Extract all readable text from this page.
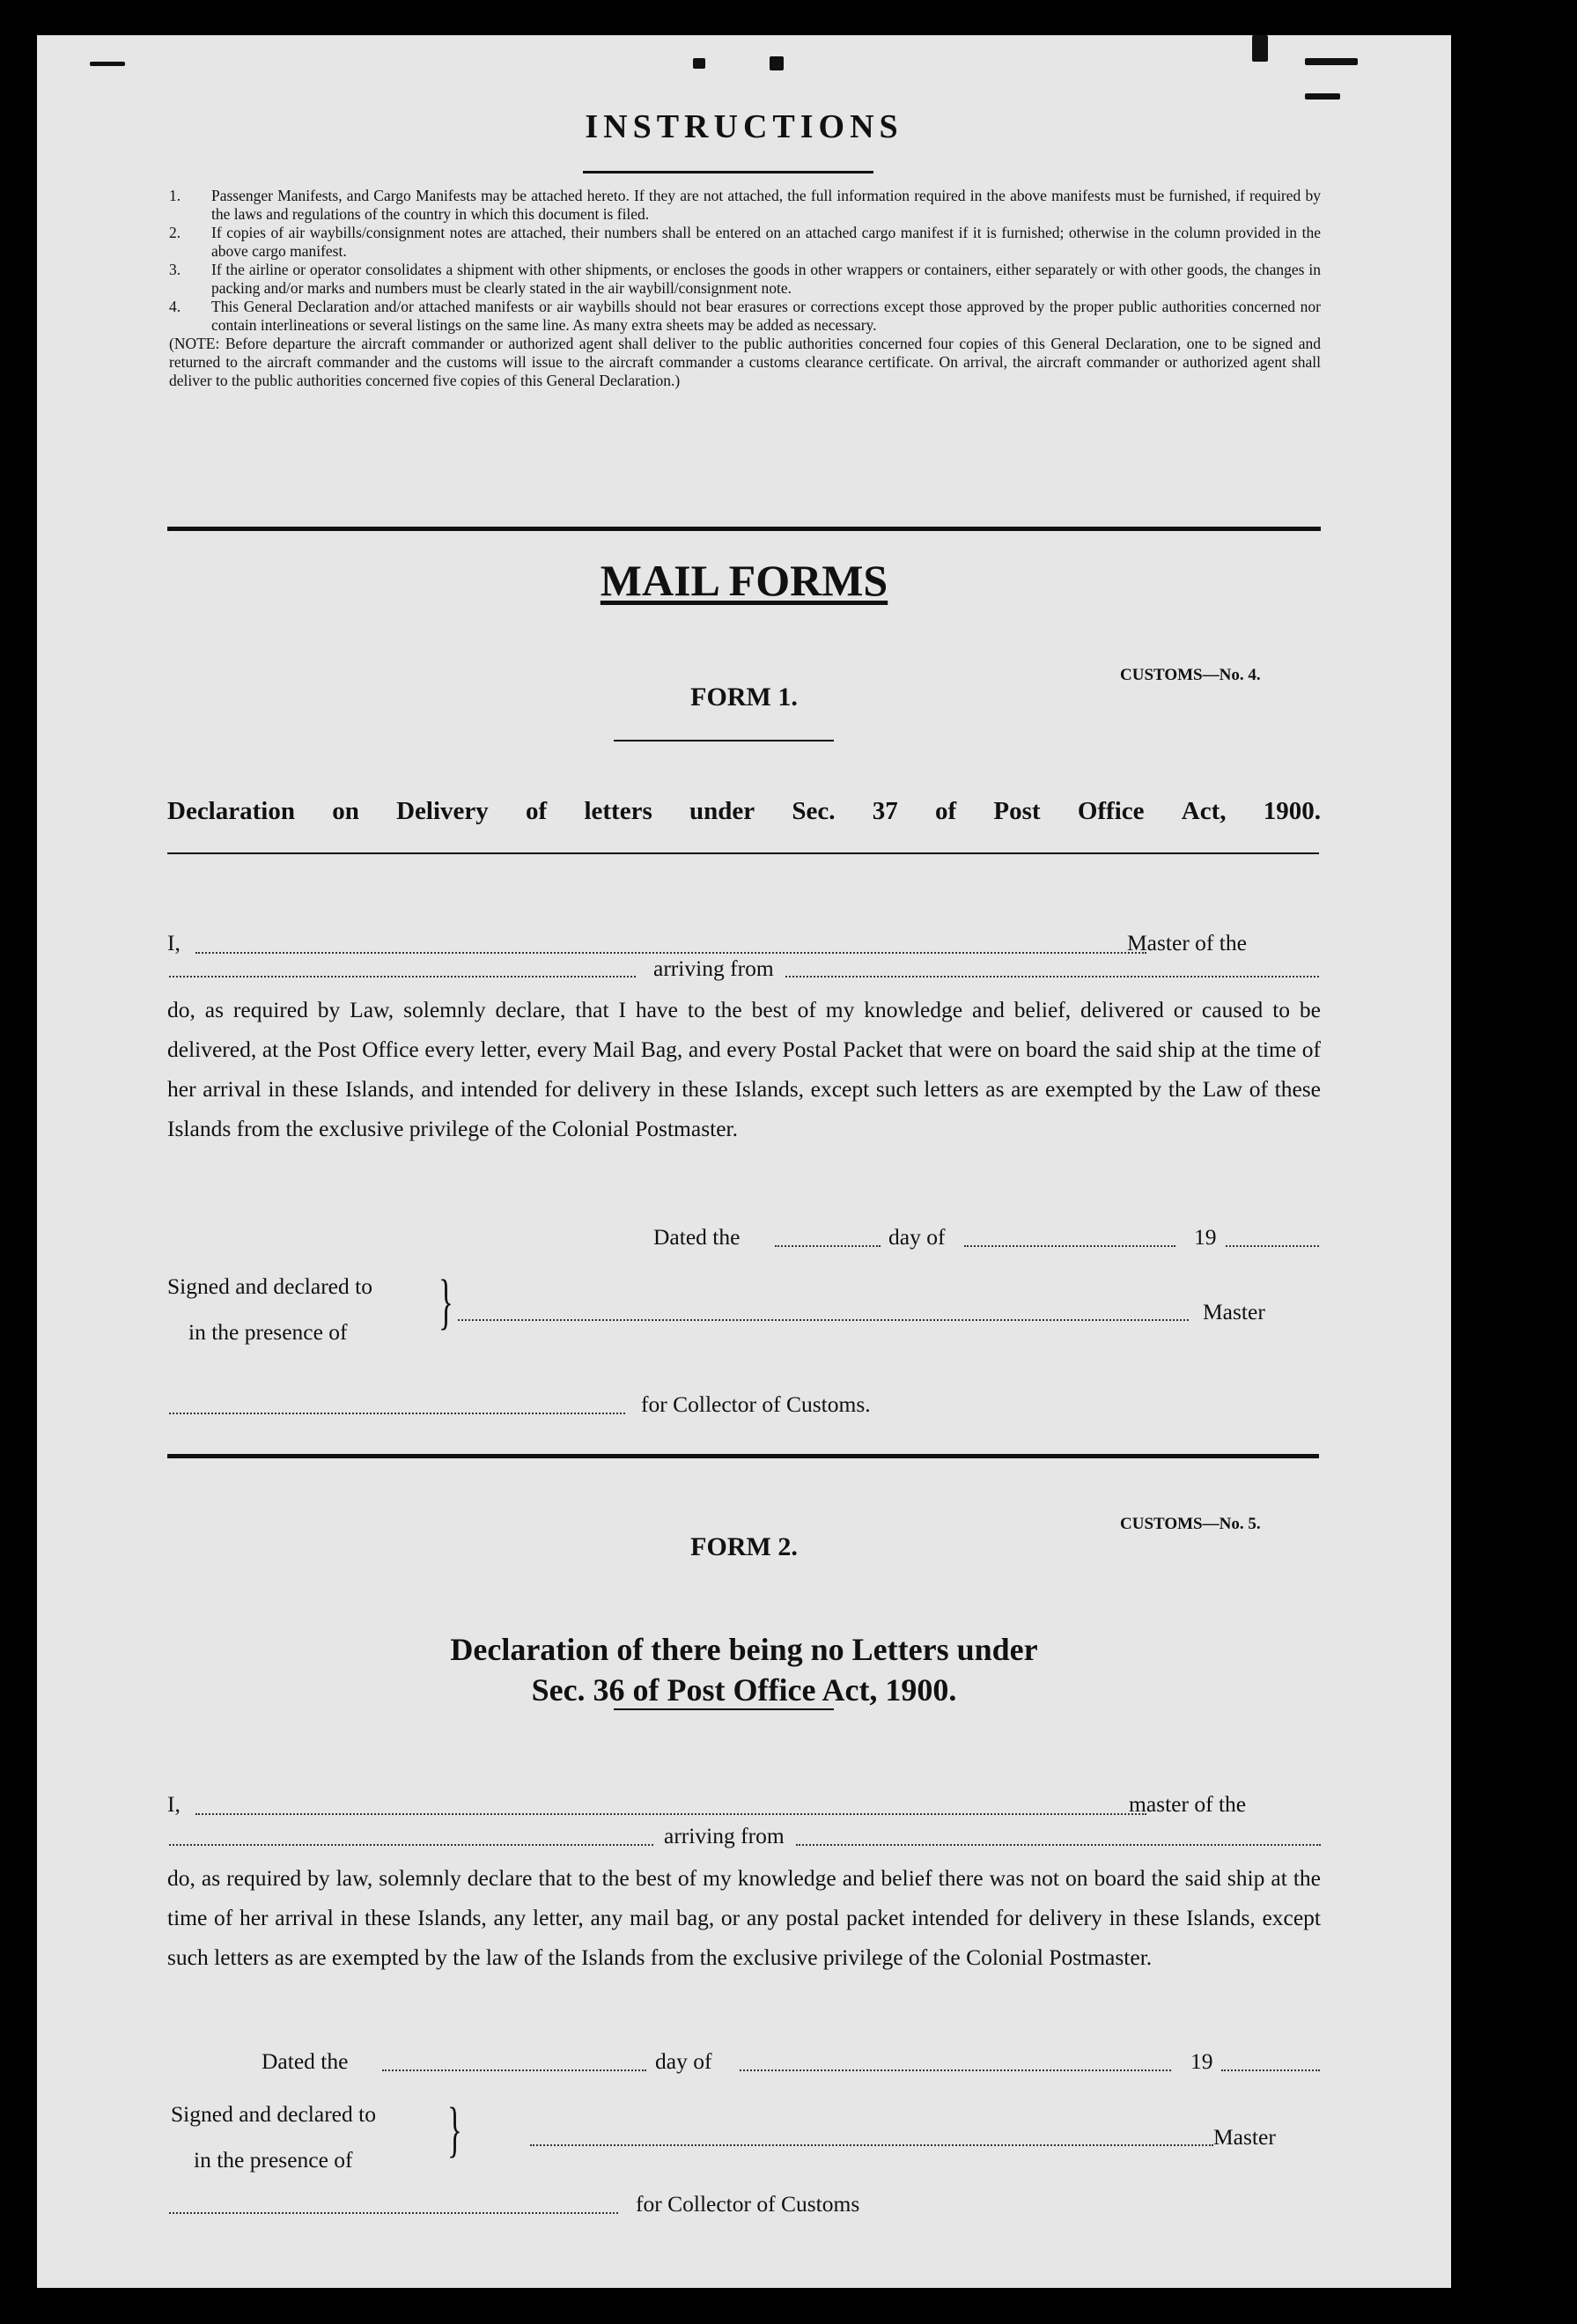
INSTRUCTIONS

1. Passenger Manifests, and Cargo Manifests may be attached hereto. If they are not attached, the full information required in the above manifests must be furnished, if required by the laws and regulations of the country in which this document is filed.

2. If copies of air waybills/consignment notes are attached, their numbers shall be entered on an attached cargo manifest if it is furnished; otherwise in the column provided in the above cargo manifest.

3. If the airline or operator consolidates a shipment with other shipments, or encloses the goods in other wrappers or containers, either separately or with other goods, the changes in packing and/or marks and numbers must be clearly stated in the air waybill/consignment note.

4. This General Declaration and/or attached manifests or air waybills should not bear erasures or corrections except those approved by the proper public authorities concerned nor contain interlineations or several listings on the same line. As many extra sheets may be added as necessary.

(NOTE: Before departure the aircraft commander or authorized agent shall deliver to the public authorities concerned four copies of this General Declaration, one to be signed and returned to the aircraft commander and the customs will issue to the aircraft commander a customs clearance certificate. On arrival, the aircraft commander or authorized agent shall deliver to the public authorities concerned five copies of this General Declaration.)

MAIL FORMS
CUSTOMS—No. 4.
FORM 1.
Declaration on Delivery of letters under Sec. 37 of Post Office Act, 1900.
I,	Master of the
arriving from
do, as required by Law, solemnly declare, that I have to the best of my knowledge and belief, delivered or caused to be delivered, at the Post Office every letter, every Mail Bag, and every Postal Packet that were on board the said ship at the time of her arrival in these Islands, and intended for delivery in these Islands, except such letters as are exempted by the Law of these Islands from the exclusive privilege of the Colonial Postmaster.
Dated the	day of	19
Signed and declared to
in the presence of }	Master
for Collector of Customs.
CUSTOMS—No. 5.
FORM 2.
Declaration of there being no Letters under
Sec. 36 of Post Office Act, 1900.
I,	master of the
arriving from
do, as required by law, solemnly declare that to the best of my knowledge and belief there was not on board the said ship at the time of her arrival in these Islands, any letter, any mail bag, or any postal packet intended for delivery in these Islands, except such letters as are exempted by the law of the Islands from the exclusive privilege of the Colonial Postmaster.
Dated the	day of	19
Signed and declared to
in the presence of }	Master
for Collector of Customs
